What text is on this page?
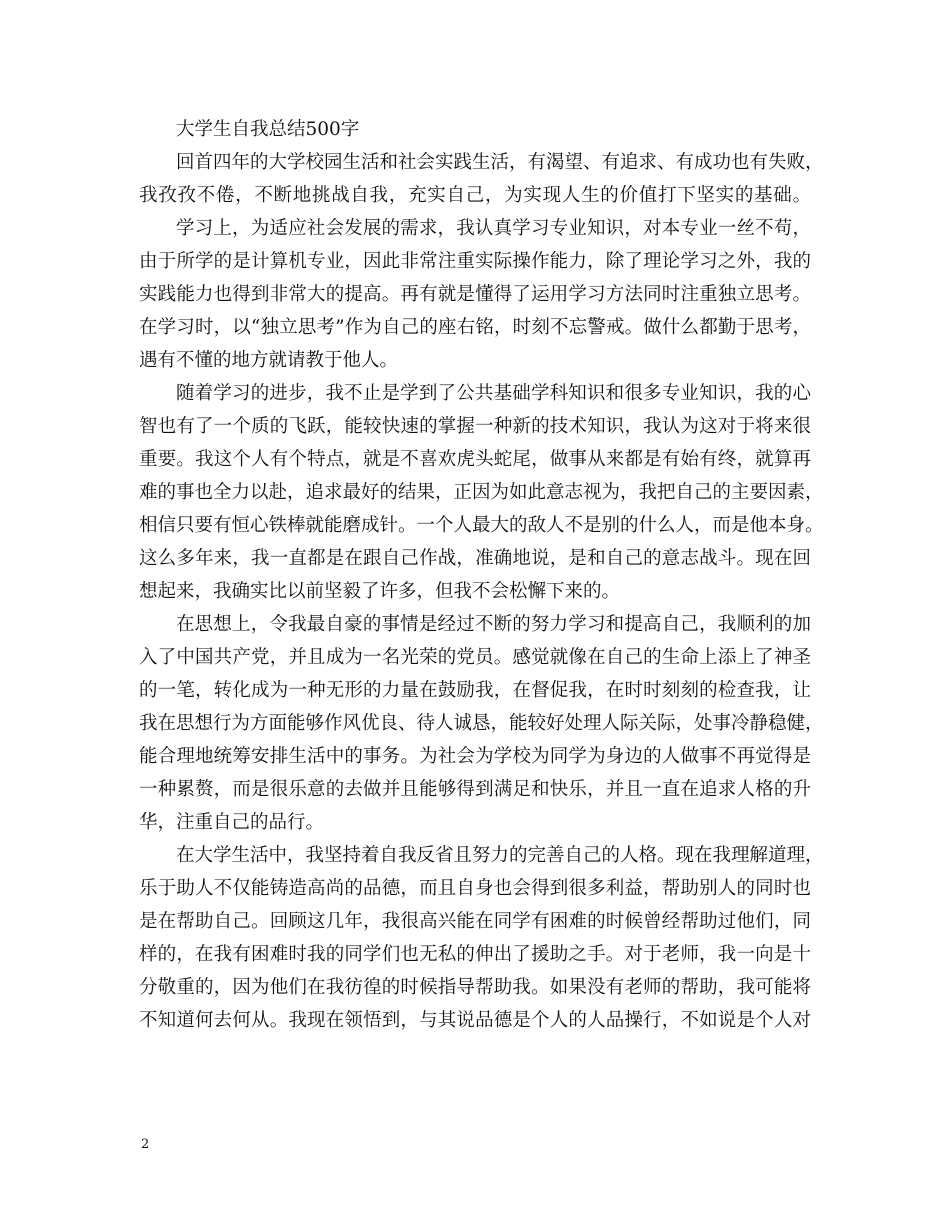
大学生自我总结500字
回首四年的大学校园生活和社会实践生活，有渴望、有追求、有成功也有失败，
我孜孜不倦，不断地挑战自我，充实自己，为实现人生的价值打下坚实的基础。
学习上，为适应社会发展的需求，我认真学习专业知识，对本专业一丝不苟，
由于所学的是计算机专业，因此非常注重实际操作能力，除了理论学习之外，我的
实践能力也得到非常大的提高。再有就是懂得了运用学习方法同时注重独立思考。
在学习时，以“独立思考”作为自己的座右铭，时刻不忘警戒。做什么都勤于思考，
遇有不懂的地方就请教于他人。
随着学习的进步，我不止是学到了公共基础学科知识和很多专业知识，我的心
智也有了一个质的飞跃，能较快速的掌握一种新的技术知识，我认为这对于将来很
重要。我这个人有个特点，就是不喜欢虎头蛇尾，做事从来都是有始有终，就算再
难的事也全力以赴，追求最好的结果，正因为如此意志视为，我把自己的主要因素，
相信只要有恒心铁棒就能磨成针。一个人最大的敌人不是别的什么人，而是他本身。
这么多年来，我一直都是在跟自己作战，准确地说，是和自己的意志战斗。现在回
想起来，我确实比以前坚毅了许多，但我不会松懈下来的。
在思想上，令我最自豪的事情是经过不断的努力学习和提高自己，我顺利的加
入了中国共产党，并且成为一名光荣的党员。感觉就像在自己的生命上添上了神圣
的一笔，转化成为一种无形的力量在鼓励我，在督促我，在时时刻刻的检查我，让
我在思想行为方面能够作风优良、待人诚恳，能较好处理人际关际，处事冷静稳健，
能合理地统筹安排生活中的事务。为社会为学校为同学为身边的人做事不再觉得是
一种累赘，而是很乐意的去做并且能够得到满足和快乐，并且一直在追求人格的升
华，注重自己的品行。
在大学生活中，我坚持着自我反省且努力的完善自己的人格。现在我理解道理，
乐于助人不仅能铸造高尚的品德，而且自身也会得到很多利益，帮助别人的同时也
是在帮助自己。回顾这几年，我很高兴能在同学有困难的时候曾经帮助过他们，同
样的，在我有困难时我的同学们也无私的伸出了援助之手。对于老师，我一向是十
分敬重的，因为他们在我彷徨的时候指导帮助我。如果没有老师的帮助，我可能将
不知道何去何从。我现在领悟到，与其说品德是个人的人品操行，不如说是个人对
2
